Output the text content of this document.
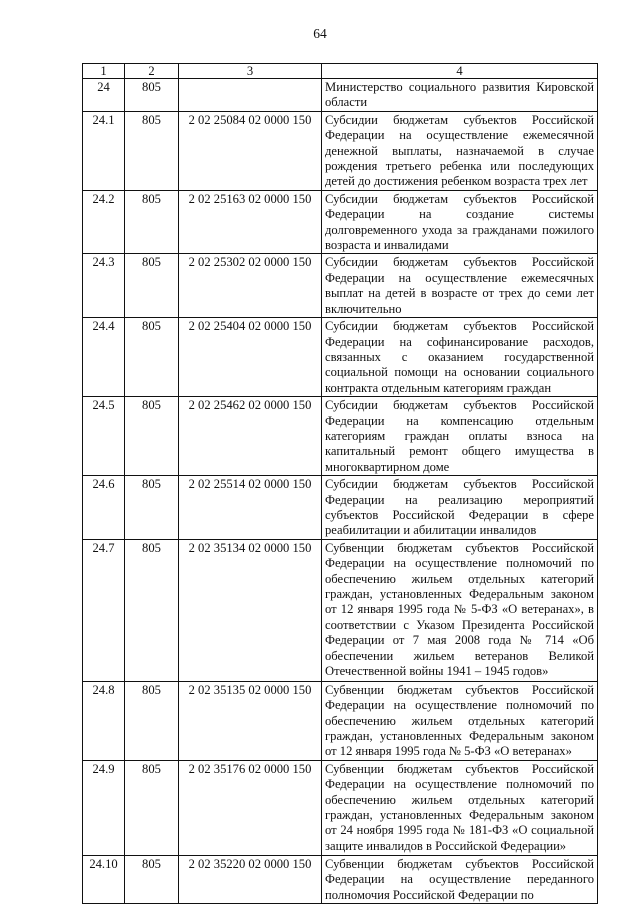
64
1	2	3	4
24	805		Министерство социального развития Кировской области
24.1	805	2 02 25084 02 0000 150	Субсидии бюджетам субъектов Российской Федерации на осуществление ежемесячной денежной выплаты, назначаемой в случае рождения третьего ребенка или последующих детей до достижения ребенком возраста трех лет
24.2	805	2 02 25163 02 0000 150	Субсидии бюджетам субъектов Российской Федерации на создание системы долговременного ухода за гражданами пожилого возраста и инвалидами
24.3	805	2 02 25302 02 0000 150	Субсидии бюджетам субъектов Российской Федерации на осуществление ежемесячных выплат на детей в возрасте от трех до семи лет включительно
24.4	805	2 02 25404 02 0000 150	Субсидии бюджетам субъектов Российской Федерации на софинансирование расходов, связанных с оказанием государственной социальной помощи на основании социального контракта отдельным категориям граждан
24.5	805	2 02 25462 02 0000 150	Субсидии бюджетам субъектов Российской Федерации на компенсацию отдельным категориям граждан оплаты взноса на капитальный ремонт общего имущества в многоквартирном доме
24.6	805	2 02 25514 02 0000 150	Субсидии бюджетам субъектов Российской Федерации на реализацию мероприятий субъектов Российской Федерации в сфере реабилитации и абилитации инвалидов
24.7	805	2 02 35134 02 0000 150	Субвенции бюджетам субъектов Российской Федерации на осуществление полномочий по обеспечению жильем отдельных категорий граждан, установленных Федеральным законом от 12 января 1995 года № 5-ФЗ «О ветеранах», в соответствии с Указом Президента Российской Федерации от 7 мая 2008 года № 714 «Об обеспечении жильем ветеранов Великой Отечественной войны 1941 – 1945 годов»
24.8	805	2 02 35135 02 0000 150	Субвенции бюджетам субъектов Российской Федерации на осуществление полномочий по обеспечению жильем отдельных категорий граждан, установленных Федеральным законом от 12 января 1995 года № 5-ФЗ «О ветеранах»
24.9	805	2 02 35176 02 0000 150	Субвенции бюджетам субъектов Российской Федерации на осуществление полномочий по обеспечению жильем отдельных категорий граждан, установленных Федеральным законом от 24 ноября 1995 года № 181-ФЗ «О социальной защите инвалидов в Российской Федерации»
24.10	805	2 02 35220 02 0000 150	Субвенции бюджетам субъектов Российской Федерации на осуществление переданного полномочия Российской Федерации по
